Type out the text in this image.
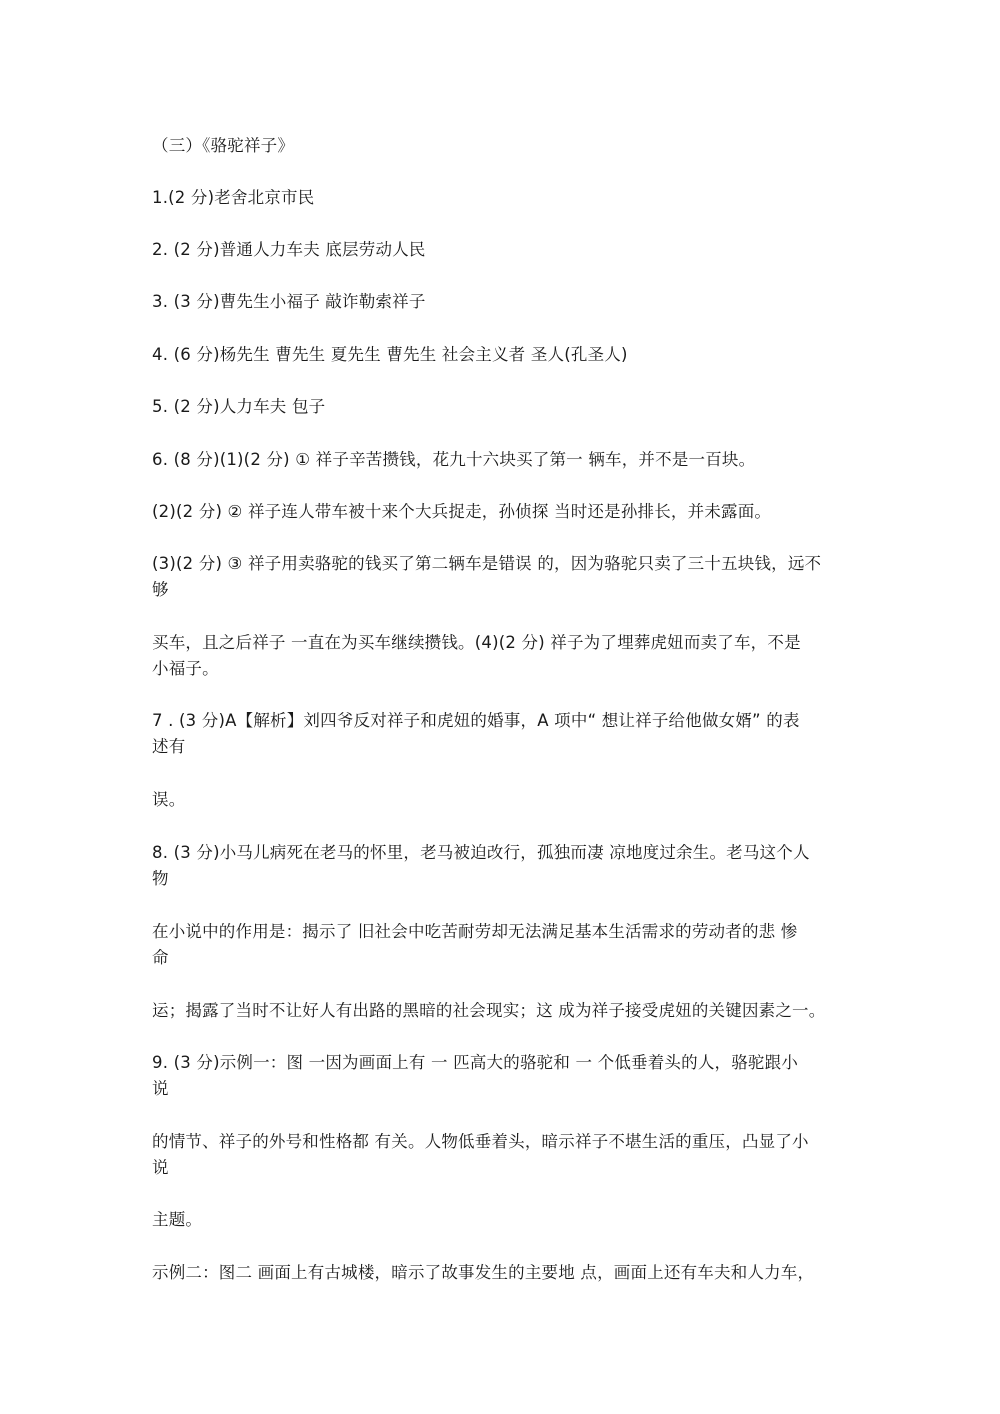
（三）《骆驼祥子》
1.(2 分)老舍北京市民
2. (2 分)普通人力车夫 底层劳动人民
3. (3 分)曹先生小福子 敲诈勒索祥子
4. (6 分)杨先生 曹先生 夏先生 曹先生 社会主义者 圣人(孔圣人)
5. (2 分)人力车夫 包子
6. (8 分)(1)(2 分) ① 祥子辛苦攒钱，花九十六块买了第一 辆车，并不是一百块。
(2)(2 分) ② 祥子连人带车被十来个大兵捉走，孙侦探 当时还是孙排长，并未露面。
(3)(2 分) ③ 祥子用卖骆驼的钱买了第二辆车是错误 的，因为骆驼只卖了三十五块钱，远不
够
买车，且之后祥子 一直在为买车继续攒钱。(4)(2 分) 祥子为了埋葬虎妞而卖了车，不是
小福子。
7 . (3 分)A【解析】刘四爷反对祥子和虎妞的婚事，A 项中“ 想让祥子给他做女婿” 的表
述有
误。
8. (3 分)小马儿病死在老马的怀里，老马被迫改行，孤独而凄 凉地度过余生。老马这个人
物
在小说中的作用是：揭示了 旧社会中吃苦耐劳却无法满足基本生活需求的劳动者的悲 惨
命
运；揭露了当时不让好人有出路的黑暗的社会现实；这 成为祥子接受虎妞的关键因素之一。
9. (3 分)示例一：图 一因为画面上有 一 匹高大的骆驼和 一 个低垂着头的人，骆驼跟小
说
的情节、祥子的外号和性格都 有关。人物低垂着头，暗示祥子不堪生活的重压，凸显了小
说
主题。
示例二：图二 画面上有古城楼，暗示了故事发生的主要地 点，画面上还有车夫和人力车，
